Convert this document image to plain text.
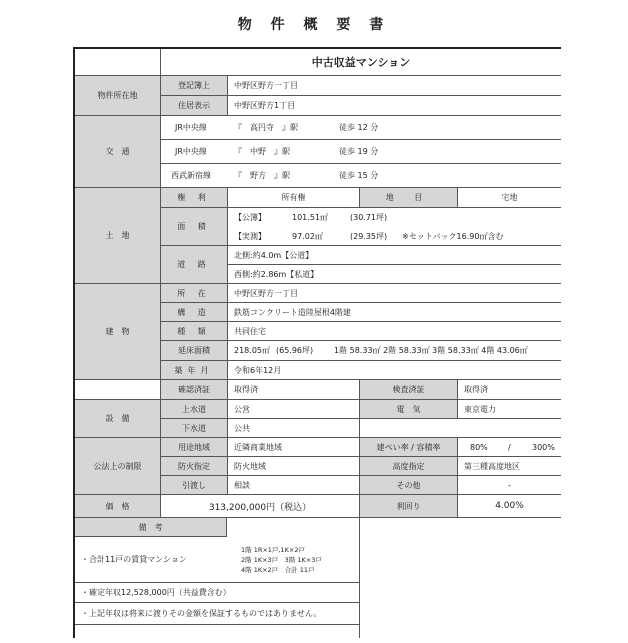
物 件 概 要 書
中古収益マンション
物件所在地
登記簿上	中野区野方一丁目
住居表示	中野区野方1丁目
交　通
JR中央線	『　高円寺　』駅	徒歩 12 分
JR中央線	『　中野　』駅	徒歩 19 分
西武新宿線	『　野方　』駅	徒歩 15 分
土　地
権 利	所有権	地 目	宅地
面 積
【公簿】	101.51㎡	(30.71坪)
【実測】	97.02㎡	(29.35坪)	※セットバック16.90㎡含む
道 路
北側:約4.0m【公道】
西側:約2.86m【私道】
建　物
所 在	中野区野方一丁目
構 造	鉄筋コンクリート造陸屋根4階建
種 類	共同住宅
延床面積	218.05㎡ (65.96坪)	1階 58.33㎡ 2階 58.33㎡ 3階 58.33㎡ 4階 43.06㎡
築年月	令和6年12月
確認済証	取得済	検査済証	取得済
設　備
上水道	公営	電　気	東京電力
下水道	公共
公法上の制限
用途地域	近隣商業地域	建ぺい率 / 容積率	80%	/	300%
防火指定	防火地域	高度指定	第三種高度地区
引渡し	相談	その他	-
価　格	313,200,000円（税込）	利回り	4.00%
備　考
・合計11戸の賃貸マンション
1階 1R×1戸,1K×2戸
2階 1K×3戸　3階 1K×3戸
4階 1K×2戸　合計 11戸
・確定年収12,528,000円（共益費含む）
・上記年収は将来に渡りその金額を保証するものではありません。
